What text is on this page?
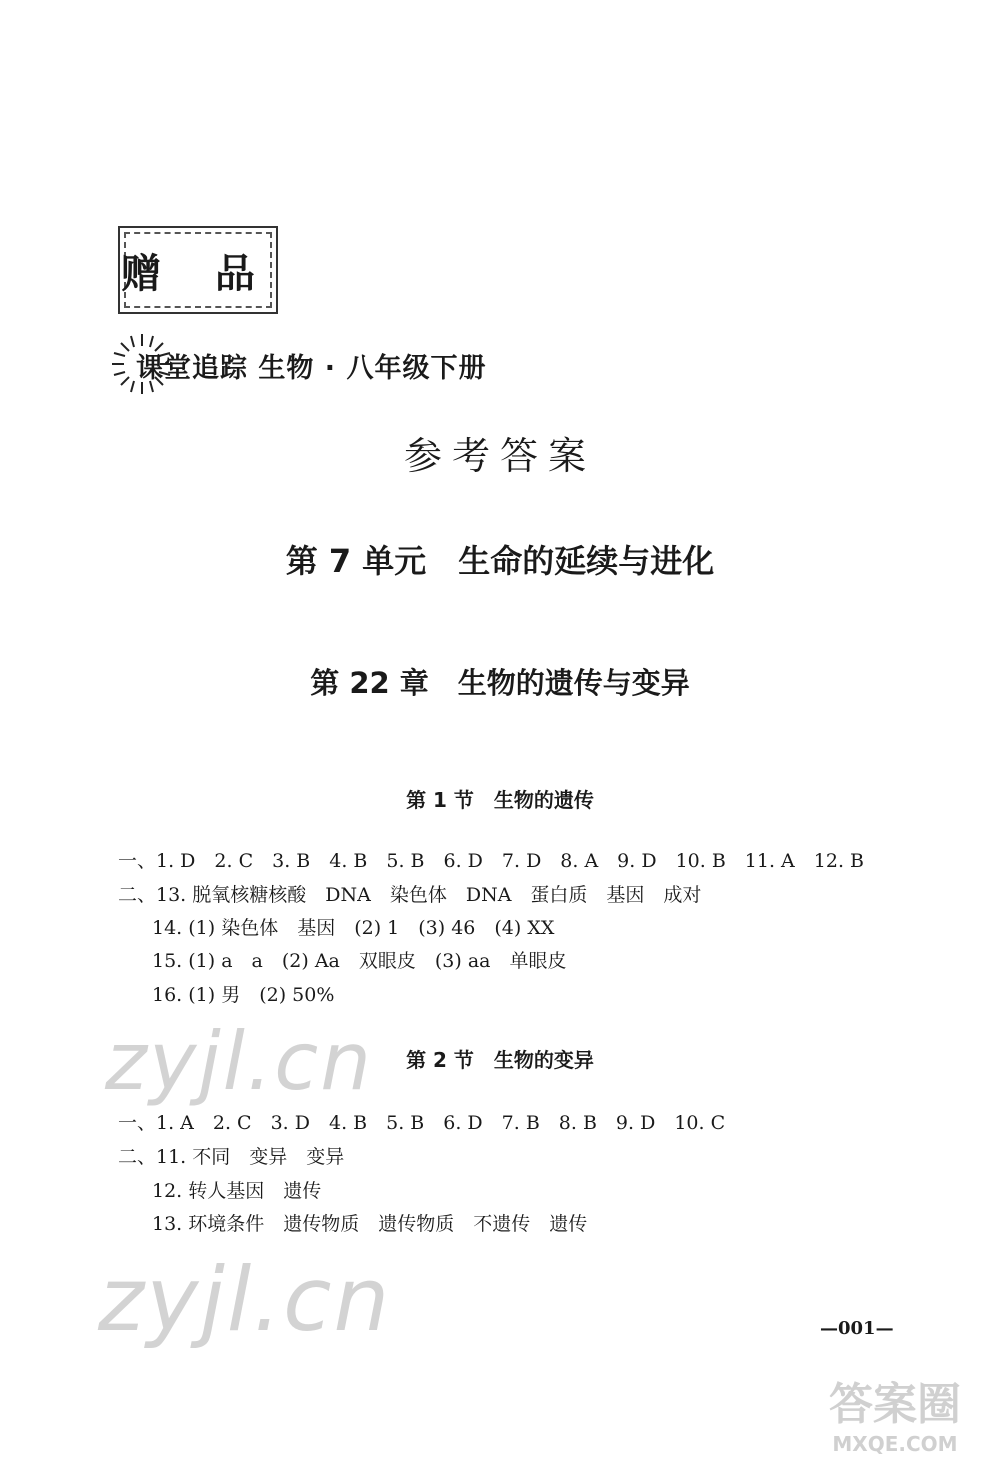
赠 品
课堂追踪 生物 · 八年级下册
参考答案
第 7 单元　生命的延续与进化
第 22 章　生物的遗传与变异
第 1 节　生物的遗传
一、1. D　2. C　3. B　4. B　5. B　6. D　7. D　8. A　9. D　10. B　11. A　12. B
二、13. 脱氧核糖核酸　DNA　染色体　DNA　蛋白质　基因　成对
14. (1) 染色体　基因　(2) 1　(3) 46　(4) XX
15. (1) a　a　(2) Aa　双眼皮　(3) aa　单眼皮
16. (1) 男　(2) 50%
zyjl.cn	第 2 节　生物的变异
一、1. A　2. C　3. D　4. B　5. B　6. D　7. B　8. B　9. D　10. C
二、11. 不同　变异　变异
12. 转人基因　遗传
13. 环境条件　遗传物质　遗传物质　不遗传　遗传
zyjl.cn	—001—
答案圈
MXQE.COM
